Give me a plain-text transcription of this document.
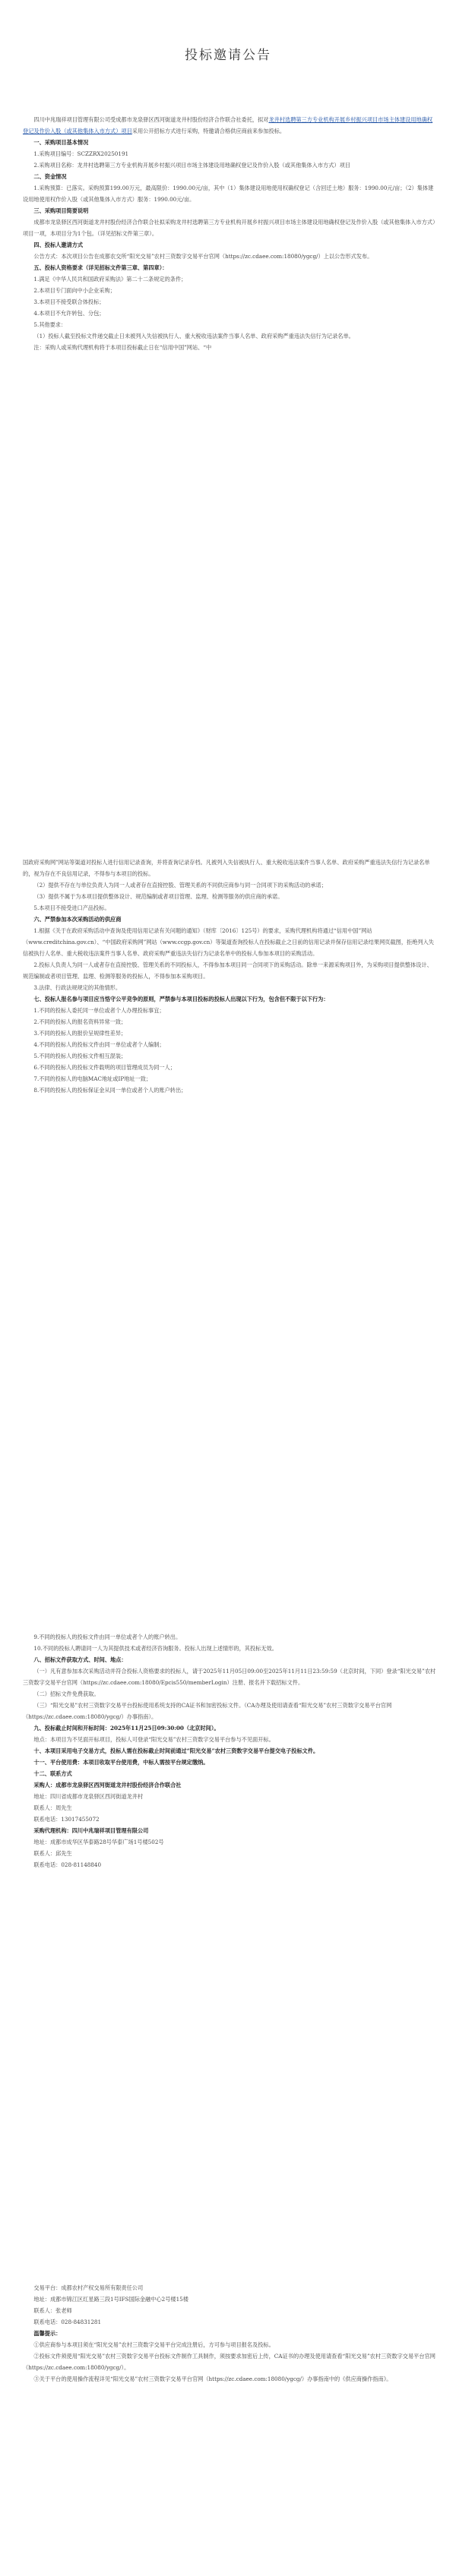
投标邀请公告

四川中兆瑞祥项目管理有限公司受成都市龙泉驿区西河街道龙井村股份经济合作联合社委托，拟对龙井村选聘第三方专业机构开展乡村振兴项目市场主体建设用地确权登记及作价入股（或其他集体入市方式）项目采用公开招标方式进行采购，特邀请合格供应商前来参加投标。

一、采购项目基本情况

1.采购项目编号：SCZZRX20250191

2.采购项目名称：龙井村选聘第三方专业机构开展乡村振兴项目市场主体建设用地确权登记及作价入股（或其他集体入市方式）项目

二、资金情况

1.采购预算：已落实。采购预算199.00万元，最高限价：1990.00元/亩，其中（1）集体建设用地使用权确权登记（含回迁土地）服务：1990.00元/亩；（2）集体建设用地使用权作价入股（或其他集体入市方式）服务：1990.00元/亩。

三、采购项目简要说明

成都市龙泉驿区西河街道龙井村股份经济合作联合社拟采购龙井村选聘第三方专业机构开展乡村振兴项目市场主体建设用地确权登记及作价入股（或其他集体入市方式）项目一项，本项目分为1个包。（详见招标文件第三章）。

四、投标人邀请方式

公告方式：本次项目公告在成都农交所“阳光交易”农村三资数字交易平台官网（https://zc.cdaee.com:18080/ygcg/）上以公告形式发布。

五、投标人资格要求（详见招标文件第三章、第四章）：

1.满足《中华人民共和国政府采购法》第二十二条规定的条件；

2.本项目专门面向中小企业采购；

3.本项目不接受联合体投标；

4.本项目不允许转包、分包；

5.其他要求：

（1）投标人截至投标文件递交截止日未被列入失信被执行人、重大税收违法案件当事人名单、政府采购严重违法失信行为记录名单。

注：采购人或采购代理机构将于本项目投标截止日在“信用中国”网站、“中

国政府采购网”网站等渠道对投标人进行信用记录查询，并将查询记录存档。凡被列入失信被执行人、重大税收违法案件当事人名单、政府采购严重违法失信行为记录名单的，视为存在不良信用记录，不得参与本项目的投标。

（2）提供不存在与单位负责人为同一人或者存在直接控股、管理关系的不同供应商参与同一合同项下的采购活动的承诺；

（3）提供不属于为本项目提供整体设计、规范编制或者项目管理、监理、检测等服务的供应商的承诺。

5.本项目不接受进口产品投标。

六、严禁参加本次采购活动的供应商

1.根据《关于在政府采购活动中查询及使用信用记录有关问题的通知》（财库〔2016〕125号）的要求，采购代理机构将通过“信用中国”网站（www.creditchina.gov.cn）、“中国政府采购网”网站（www.ccgp.gov.cn）等渠道查询投标人在投标截止之日前的信用记录并保存信用记录结果网页截图，拒绝列入失信被执行人名单、重大税收违法案件当事人名单、政府采购严重违法失信行为记录名单中的投标人参加本项目的采购活动。

2.投标人负责人为同一人或者存在直接控股、管理关系的不同投标人，不得参加本项目同一合同项下的采购活动。除单一来源采购项目外，为采购项目提供整体设计、规范编制或者项目管理、监理、检测等服务的投标人，不得参加本采购项目。

3.法律、行政法规规定的其他情形。

七、投标人报名参与项目应当恪守公平竞争的原则，严禁参与本项目投标的投标人出现以下行为，包含但不限于以下行为：

1.不同的投标人委托同一单位或者个人办理投标事宜；

2.不同的投标人的报名资料异常一致；

3.不同的投标人的报价呈规律性差异；

4.不同的投标人的投标文件由同一单位或者个人编制；

5.不同的投标人的投标文件相互混装；

6.不同的投标人的投标文件载明的项目管理成员为同一人；

7.不同的投标人的电脑MAC地址或IP地址一致；

8.不同的投标人的投标保证金从同一单位或者个人的账户转出；

9.不同的投标人的投标文件由同一单位或者个人的账户转出。

10.不同的投标人聘请同一人为其提供技术或者经济咨询服务。投标人出现上述情形的，其投标无效。

八、招标文件获取方式、时间、地点：

（一）凡有意参加本次采购活动并符合投标人资格要求的投标人，请于2025年11月05日09:00至2025年11月11日23:59:59（北京时间，下同）登录“阳光交易”农村三资数字交易平台官网（https://zc.cdaee.com:18080/Epcis550/memberLogin）注册、报名并下载招标文件。

（二）招标文件免费获取。

（三）“阳光交易”农村三资数字交易平台投标使用系统支持的CA证书和加密投标文件。（CA办理及使用请查看“阳光交易”农村三资数字交易平台官网（https://zc.cdaee.com:18080/ygcg/）办事指南）。

九、投标截止时间和开标时间：2025年11月25日09:30:00（北京时间）。

地点：本项目为不见面开标项目，投标人可登录“阳光交易”农村三资数字交易平台参与不见面开标。

十、本项目采用电子交易方式，投标人需在投标截止时间前通过“阳光交易”农村三资数字交易平台提交电子投标文件。

十一、平台使用费：本项目收取平台使用费，中标人需按平台规定缴纳。

十二、联系方式

采购人：成都市龙泉驿区西河街道龙井村股份经济合作联合社

地址：四川省成都市龙泉驿区西河街道龙井村

联系人：周先生

联系电话：13017455072

采购代理机构：四川中兆瑞祥项目管理有限公司

地址：成都市成华区华泰路28号华泰广场1号楼502号

联系人：邱先生

联系电话：028-81148840

交易平台：成都农村产权交易所有限责任公司

地址：成都市锦江区红星路三段1号IFS国际金融中心2号楼15楼

联系人：张老师

联系电话：028-84831281

温馨提示：

①供应商参与本项目须在“阳光交易”农村三资数字交易平台完成注册后，方可参与项目报名及投标。

②投标文件须使用“阳光交易”农村三资数字交易平台投标文件制作工具制作，须按要求加密后上传，CA证书的办理及使用请查看“阳光交易”农村三资数字交易平台官网（https://zc.cdaee.com:18080/ygcg/）。

③关于平台的使用操作流程详见“阳光交易”农村三资数字交易平台官网（https://zc.cdaee.com:18080/ygcg/）办事指南中的《供应商操作指南》。
